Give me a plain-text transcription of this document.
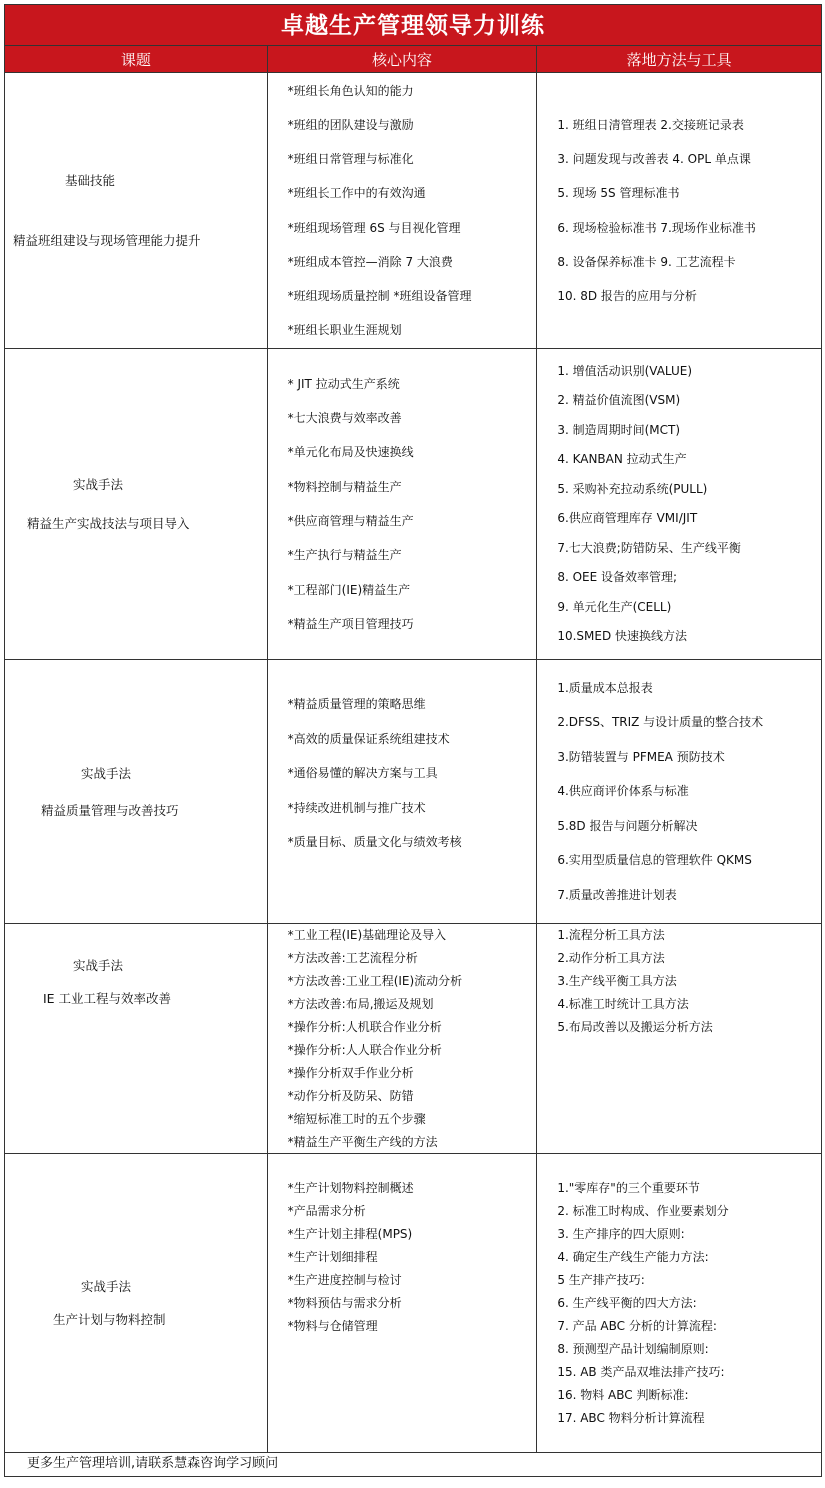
卓越生产管理领导力训练
课题	核心内容	落地方法与工具
基础技能
精益班组建设与现场管理能力提升
*班组长角色认知的能力
*班组的团队建设与激励
*班组日常管理与标准化
*班组长工作中的有效沟通
*班组现场管理 6S 与目视化管理
*班组成本管控—消除 7 大浪费
*班组现场质量控制 *班组设备管理
*班组长职业生涯规划
1. 班组日清管理表 2.交接班记录表
3. 问题发现与改善表 4. OPL 单点课
5. 现场 5S 管理标准书
6. 现场检验标准书 7.现场作业标准书
8. 设备保养标准卡 9. 工艺流程卡
10. 8D 报告的应用与分析
实战手法
精益生产实战技法与项目导入
* JIT 拉动式生产系统
*七大浪费与效率改善
*单元化布局及快速换线
*物料控制与精益生产
*供应商管理与精益生产
*生产执行与精益生产
*工程部门(IE)精益生产
*精益生产项目管理技巧
1. 增值活动识别(VALUE)
2. 精益价值流图(VSM)
3. 制造周期时间(MCT)
4. KANBAN 拉动式生产
5. 采购补充拉动系统(PULL)
6.供应商管理库存 VMI/JIT
7.七大浪费;防错防呆、生产线平衡
8. OEE 设备效率管理;
9. 单元化生产(CELL)
10.SMED 快速换线方法
实战手法
精益质量管理与改善技巧
*精益质量管理的策略思维
*高效的质量保证系统组建技术
*通俗易懂的解决方案与工具
*持续改进机制与推广技术
*质量目标、质量文化与绩效考核
1.质量成本总报表
2.DFSS、TRIZ 与设计质量的整合技术
3.防错装置与 PFMEA 预防技术
4.供应商评价体系与标准
5.8D 报告与问题分析解决
6.实用型质量信息的管理软件 QKMS
7.质量改善推进计划表
实战手法
IE 工业工程与效率改善
*工业工程(IE)基础理论及导入
*方法改善:工艺流程分析
*方法改善:工业工程(IE)流动分析
*方法改善:布局,搬运及规划
*操作分析:人机联合作业分析
*操作分析:人人联合作业分析
*操作分析双手作业分析
*动作分析及防呆、防错
*缩短标准工时的五个步骤
*精益生产平衡生产线的方法
1.流程分析工具方法
2.动作分析工具方法
3.生产线平衡工具方法
4.标准工时统计工具方法
5.布局改善以及搬运分析方法
实战手法
生产计划与物料控制
*生产计划物料控制概述
*产品需求分析
*生产计划主排程(MPS)
*生产计划细排程
*生产进度控制与检讨
*物料预估与需求分析
*物料与仓储管理
1."零库存"的三个重要环节
2. 标准工时构成、作业要素划分
3. 生产排序的四大原则:
4. 确定生产线生产能力方法:
5 生产排产技巧:
6. 生产线平衡的四大方法:
7. 产品 ABC 分析的计算流程:
8. 预测型产品计划编制原则:
15. AB 类产品双堆法排产技巧:
16. 物料 ABC 判断标准:
17. ABC 物料分析计算流程
更多生产管理培训,请联系慧森咨询学习顾问
